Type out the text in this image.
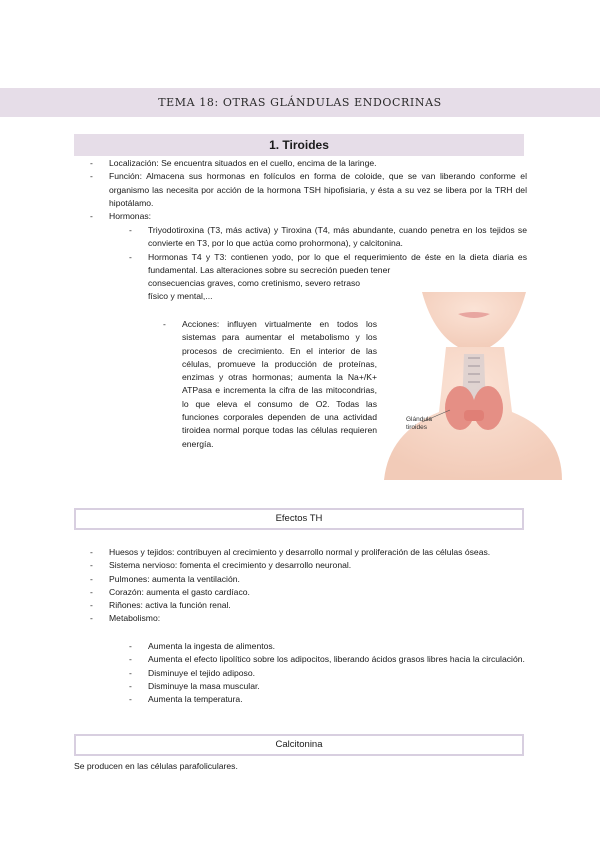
TEMA 18: OTRAS GLÁNDULAS ENDOCRINAS
1. Tiroides
- Localización: Se encuentra situados en el cuello, encima de la laringe.
- Función: Almacena sus hormonas en folículos en forma de coloide, que se van liberando conforme el organismo las necesita por acción de la hormona TSH hipofisiaria, y ésta a su vez se libera por la TRH del hipotálamo.
- Hormonas:
- Triyodotiroxina (T3, más activa) y Tiroxina (T4, más abundante, cuando penetra en los tejidos se convierte en T3, por lo que actúa como prohormona), y calcitonina.
- Hormonas T4 y T3: contienen yodo, por lo que el requerimiento de éste en la dieta diaria es fundamental. Las alteraciones sobre su secreción pueden tener
consecuencias graves, como cretinismo, severo retraso físico y mental,...
- Acciones: influyen virtualmente en todos los sistemas para aumentar el metabolismo y los procesos de crecimiento. En el interior de las células, promueve la producción de proteínas, enzimas y otras hormonas; aumenta la Na+/K+ ATPasa e incrementa la cifra de las mitocondrias, lo que eleva el consumo de O2. Todas las funciones corporales dependen de una actividad tiroidea normal porque todas las células requieren energía.
Glándula
tiroides
Efectos TH
- Huesos y tejidos: contribuyen al crecimiento y desarrollo normal y proliferación de las células óseas.
- Sistema nervioso: fomenta el crecimiento y desarrollo neuronal.
- Pulmones: aumenta la ventilación.
- Corazón: aumenta el gasto cardíaco.
- Riñones: activa la función renal.
- Metabolismo:
- Aumenta la ingesta de alimentos.
- Aumenta el efecto lipolítico sobre los adipocitos, liberando ácidos grasos libres hacia la circulación.
- Disminuye el tejido adiposo.
- Disminuye la masa muscular.
- Aumenta la temperatura.
Calcitonina
Se producen en las células parafoliculares.
